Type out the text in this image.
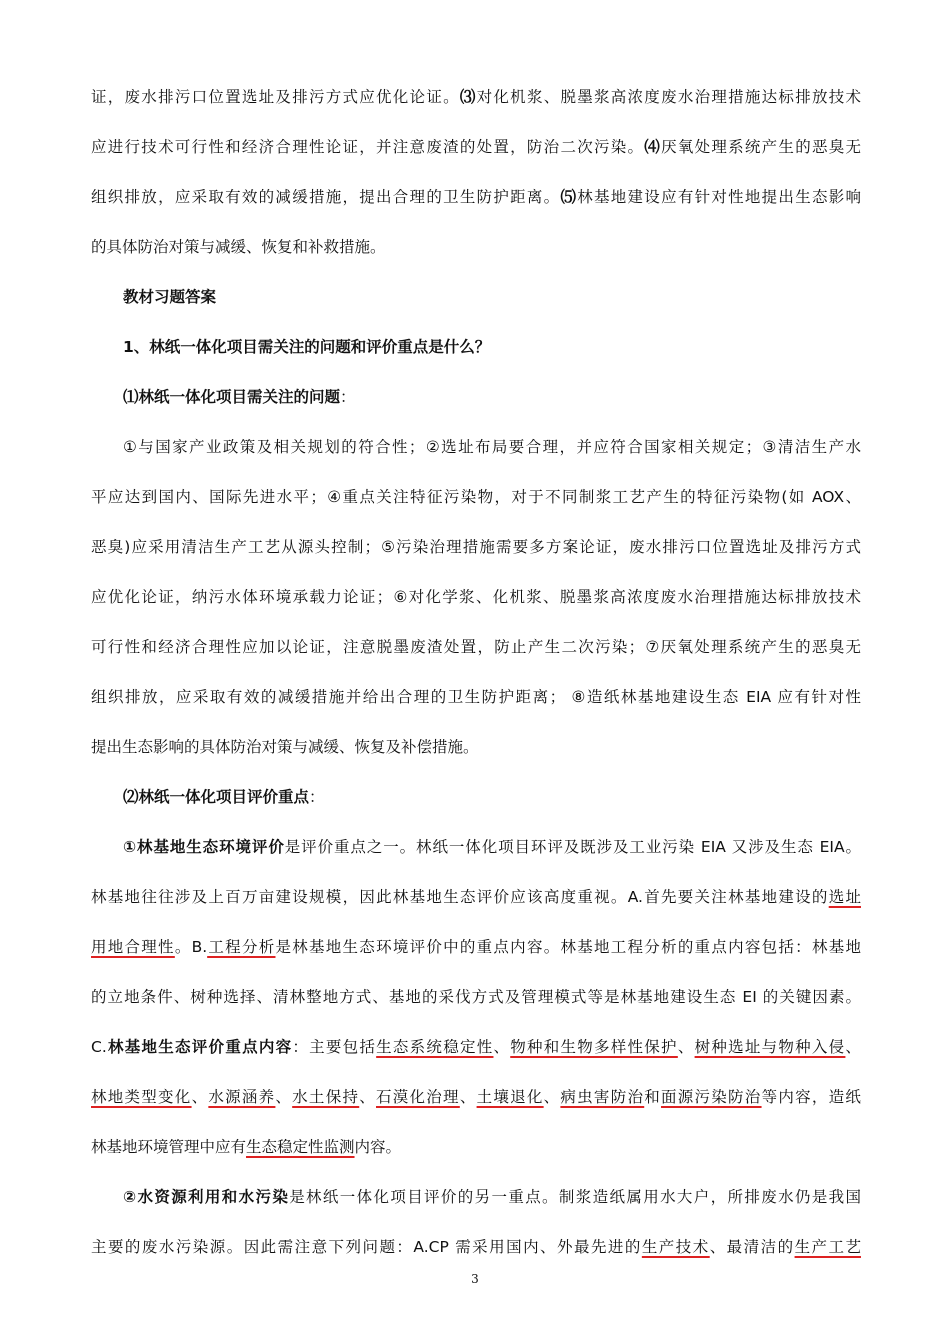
证，废水排污口位置选址及排污方式应优化论证。⑶对化机浆、脱墨浆高浓度废水治理措施达标排放技术
应进行技术可行性和经济合理性论证，并注意废渣的处置，防治二次污染。⑷厌氧处理系统产生的恶臭无
组织排放，应采取有效的减缓措施，提出合理的卫生防护距离。⑸林基地建设应有针对性地提出生态影响
的具体防治对策与减缓、恢复和补救措施。
教材习题答案
1、林纸一体化项目需关注的问题和评价重点是什么？
⑴林纸一体化项目需关注的问题：
①与国家产业政策及相关规划的符合性；②选址布局要合理，并应符合国家相关规定；③清洁生产水
平应达到国内、国际先进水平；④重点关注特征污染物，对于不同制浆工艺产生的特征污染物(如 AOX、
恶臭)应采用清洁生产工艺从源头控制；⑤污染治理措施需要多方案论证，废水排污口位置选址及排污方式
应优化论证，纳污水体环境承载力论证；⑥对化学浆、化机浆、脱墨浆高浓度废水治理措施达标排放技术
可行性和经济合理性应加以论证，注意脱墨废渣处置，防止产生二次污染；⑦厌氧处理系统产生的恶臭无
组织排放，应采取有效的减缓措施并给出合理的卫生防护距离； ⑧造纸林基地建设生态 EIA 应有针对性
提出生态影响的具体防治对策与减缓、恢复及补偿措施。
⑵林纸一体化项目评价重点：
①林基地生态环境评价是评价重点之一。林纸一体化项目环评及既涉及工业污染 EIA 又涉及生态 EIA。
林基地往往涉及上百万亩建设规模，因此林基地生态评价应该高度重视。A.首先要关注林基地建设的选址
用地合理性。B.工程分析是林基地生态环境评价中的重点内容。林基地工程分析的重点内容包括：林基地
的立地条件、树种选择、清林整地方式、基地的采伐方式及管理模式等是林基地建设生态 EI 的关键因素。
C.林基地生态评价重点内容：主要包括生态系统稳定性、物种和生物多样性保护、树种选址与物种入侵、
林地类型变化、水源涵养、水土保持、石漠化治理、土壤退化、病虫害防治和面源污染防治等内容，造纸
林基地环境管理中应有生态稳定性监测内容。
②水资源利用和水污染是林纸一体化项目评价的另一重点。制浆造纸属用水大户，所排废水仍是我国
主要的废水污染源。因此需注意下列问题：A.CP 需采用国内、外最先进的生产技术、最清洁的生产工艺
3
